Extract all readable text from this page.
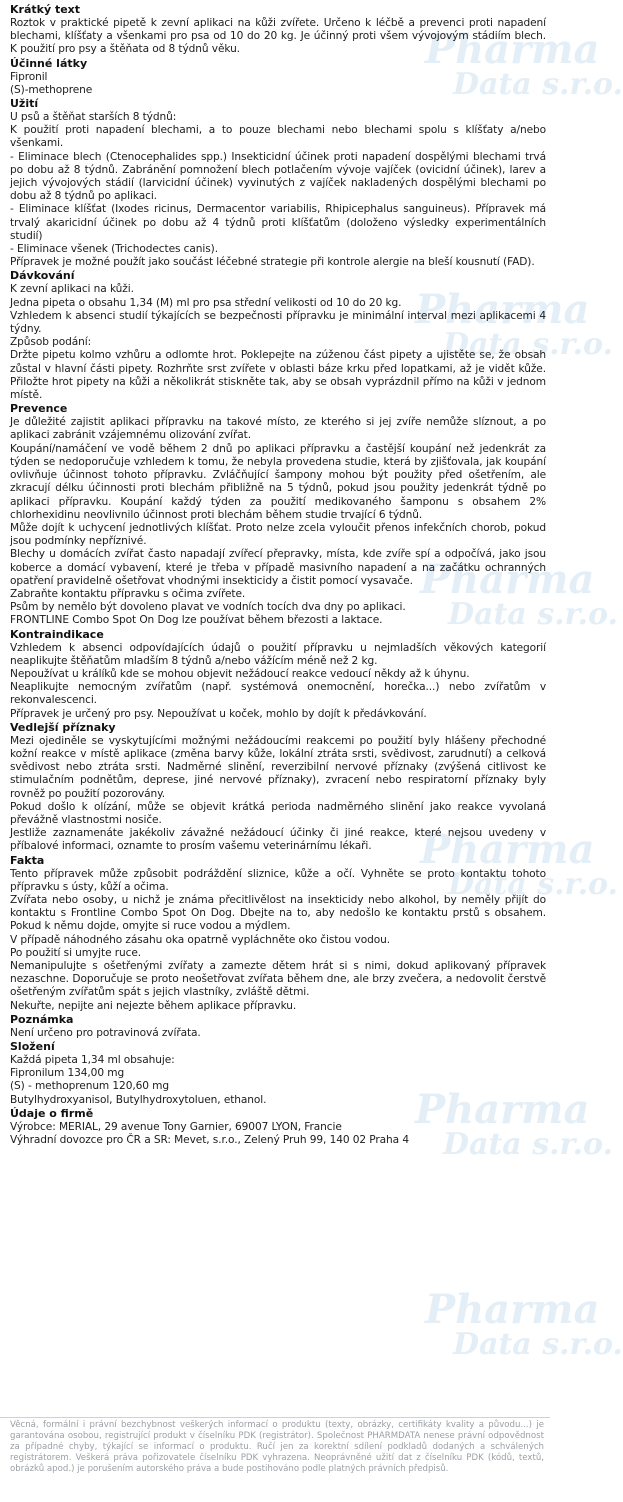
Pharma
Data s.r.o.
Pharma
Data s.r.o.
Pharma
Data s.r.o.
Pharma
Data s.r.o.
Pharma
Data s.r.o.
Pharma
Data s.r.o.
Krátký text

Roztok v praktické pipetě k zevní aplikaci na kůži zvířete. Určeno k léčbě a prevenci proti napadení blechami, klíšťaty a všenkami pro psa od 10 do 20 kg. Je účinný proti všem vývojovým stádiím blech. K použití pro psy a štěňata od 8 týdnů věku.

Účinné látky

Fipronil

(S)-methoprene

Užití

U psů a štěňat starších 8 týdnů:

K použití proti napadení blechami, a to pouze blechami nebo blechami spolu s klíšťaty a/nebo všenkami.

- Eliminace blech (Ctenocephalides spp.) Insekticidní účinek proti napadení dospělými blechami trvá po dobu až 8 týdnů. Zabránění pomnožení blech potlačením vývoje vajíček (ovicidní účinek), larev a jejich vývojových stádií (larvicidní účinek) vyvinutých z vajíček nakladených dospělými blechami po dobu až 8 týdnů po aplikaci.

- Eliminace klíšťat (Ixodes ricinus, Dermacentor variabilis, Rhipicephalus sanguineus). Přípravek má trvalý akaricidní účinek po dobu až 4 týdnů proti klíšťatům (doloženo výsledky experimentálních studií)

- Eliminace všenek (Trichodectes canis).

Přípravek je možné použít jako součást léčebné strategie při kontrole alergie na bleší kousnutí (FAD).

Dávkování

K zevní aplikaci na kůži.

Jedna pipeta o obsahu 1,34 (M) ml pro psa střední velikosti od 10 do 20 kg.

Vzhledem k absenci studií týkajících se bezpečnosti přípravku je minimální interval mezi aplikacemi 4 týdny.

Způsob podání:

Držte pipetu kolmo vzhůru a odlomte hrot. Poklepejte na zúženou část pipety a ujistěte se, že obsah zůstal v hlavní části pipety. Rozhrňte srst zvířete v oblasti báze krku před lopatkami, až je vidět kůže. Přiložte hrot pipety na kůži a několikrát stiskněte tak, aby se obsah vyprázdnil přímo na kůži v jednom místě.

Prevence

Je důležité zajistit aplikaci přípravku na takové místo, ze kterého si jej zvíře nemůže slíznout, a po aplikaci zabránit vzájemnému olizování zvířat.

Koupání/namáčení ve vodě během 2 dnů po aplikaci přípravku a častější koupání než jedenkrát za týden se nedoporučuje vzhledem k tomu, že nebyla provedena studie, která by zjišťovala, jak koupání ovlivňuje účinnost tohoto přípravku. Zvláčňující šampony mohou být použity před ošetřením, ale zkracují délku účinnosti proti blechám přibližně na 5 týdnů, pokud jsou použity jedenkrát týdně po aplikaci přípravku. Koupání každý týden za použití medikovaného šamponu s obsahem 2% chlorhexidinu neovlivnilo účinnost proti blechám během studie trvající 6 týdnů.

Může dojít k uchycení jednotlivých klíšťat. Proto nelze zcela vyloučit přenos infekčních chorob, pokud jsou podmínky nepříznivé.

Blechy u domácích zvířat často napadají zvířecí přepravky, místa, kde zvíře spí a odpočívá, jako jsou koberce a domácí vybavení, které je třeba v případě masivního napadení a na začátku ochranných opatření pravidelně ošetřovat vhodnými insekticidy a čistit pomocí vysavače.

Zabraňte kontaktu přípravku s očima zvířete.

Psům by nemělo být dovoleno plavat ve vodních tocích dva dny po aplikaci.

FRONTLINE Combo Spot On Dog lze používat během březosti a laktace.

Kontraindikace

Vzhledem k absenci odpovídajících údajů o použití přípravku u nejmladších věkových kategorií neaplikujte štěňatům mladším 8 týdnů a/nebo vážícím méně než 2 kg.

Nepoužívat u králíků kde se mohou objevit nežádoucí reakce vedoucí někdy až k úhynu.

Neaplikujte nemocným zvířatům (např. systémová onemocnění, horečka...) nebo zvířatům v rekonvalescenci.

Přípravek je určený pro psy. Nepoužívat u koček, mohlo by dojít k předávkování.

Vedlejší příznaky

Mezi ojediněle se vyskytujícími možnými nežádoucími reakcemi po použití byly hlášeny přechodné kožní reakce v místě aplikace (změna barvy kůže, lokální ztráta srsti, svědivost, zarudnutí) a celková svědivost nebo ztráta srsti. Nadměrné slinění, reverzibilní nervové příznaky (zvýšená citlivost ke stimulačním podnětům, deprese, jiné nervové příznaky), zvracení nebo respiratorní příznaky byly rovněž po použití pozorovány.

Pokud došlo k olízání, může se objevit krátká perioda nadměrného slinění jako reakce vyvolaná převážně vlastnostmi nosiče.

Jestliže zaznamenáte jakékoliv závažné nežádoucí účinky či jiné reakce, které nejsou uvedeny v příbalové informaci, oznamte to prosím vašemu veterinárnímu lékaři.

Fakta

Tento přípravek může způsobit podráždění sliznice, kůže a očí. Vyhněte se proto kontaktu tohoto přípravku s ústy, kůží a očima.

Zvířata nebo osoby, u nichž je známa přecitlivělost na insekticidy nebo alkohol, by neměly přijít do kontaktu s Frontline Combo Spot On Dog. Dbejte na to, aby nedošlo ke kontaktu prstů s obsahem. Pokud k němu dojde, omyjte si ruce vodou a mýdlem.

V případě náhodného zásahu oka opatrně vypláchněte oko čistou vodou.

Po použití si umyjte ruce.

Nemanipulujte s ošetřenými zvířaty a zamezte dětem hrát si s nimi, dokud aplikovaný přípravek nezaschne. Doporučuje se proto neošetřovat zvířata během dne, ale brzy zvečera, a nedovolit čerstvě ošetřeným zvířatům spát s jejich vlastníky, zvláště dětmi.

Nekuřte, nepijte ani nejezte během aplikace přípravku.

Poznámka

Není určeno pro potravinová zvířata.

Složení

Každá pipeta 1,34 ml obsahuje:

Fipronilum 134,00 mg

(S) - methoprenum 120,60 mg

Butylhydroxyanisol, Butylhydroxytoluen, ethanol.

Údaje o firmě

Výrobce: MERIAL, 29 avenue Tony Garnier, 69007 LYON, Francie

Výhradní dovozce pro ČR a SR: Mevet, s.r.o., Zelený Pruh 99, 140 02 Praha 4

Věcná, formální i právní bezchybnost veškerých informací o produktu (texty, obrázky, certifikáty kvality a původu...) je garantována osobou, registrující produkt v číselníku PDK (registrátor). Společnost PHARMDATA nenese právní odpovědnost za případné chyby, týkající se informací o produktu. Ručí jen za korektní sdílení podkladů dodaných a schválených registrátorem. Veškerá práva pořizovatele číselníku PDK vyhrazena. Neoprávněné užití dat z číselníku PDK (kódů, textů, obrázků apod.) je porušením autorského práva a bude postihováno podle platných právních předpisů.
